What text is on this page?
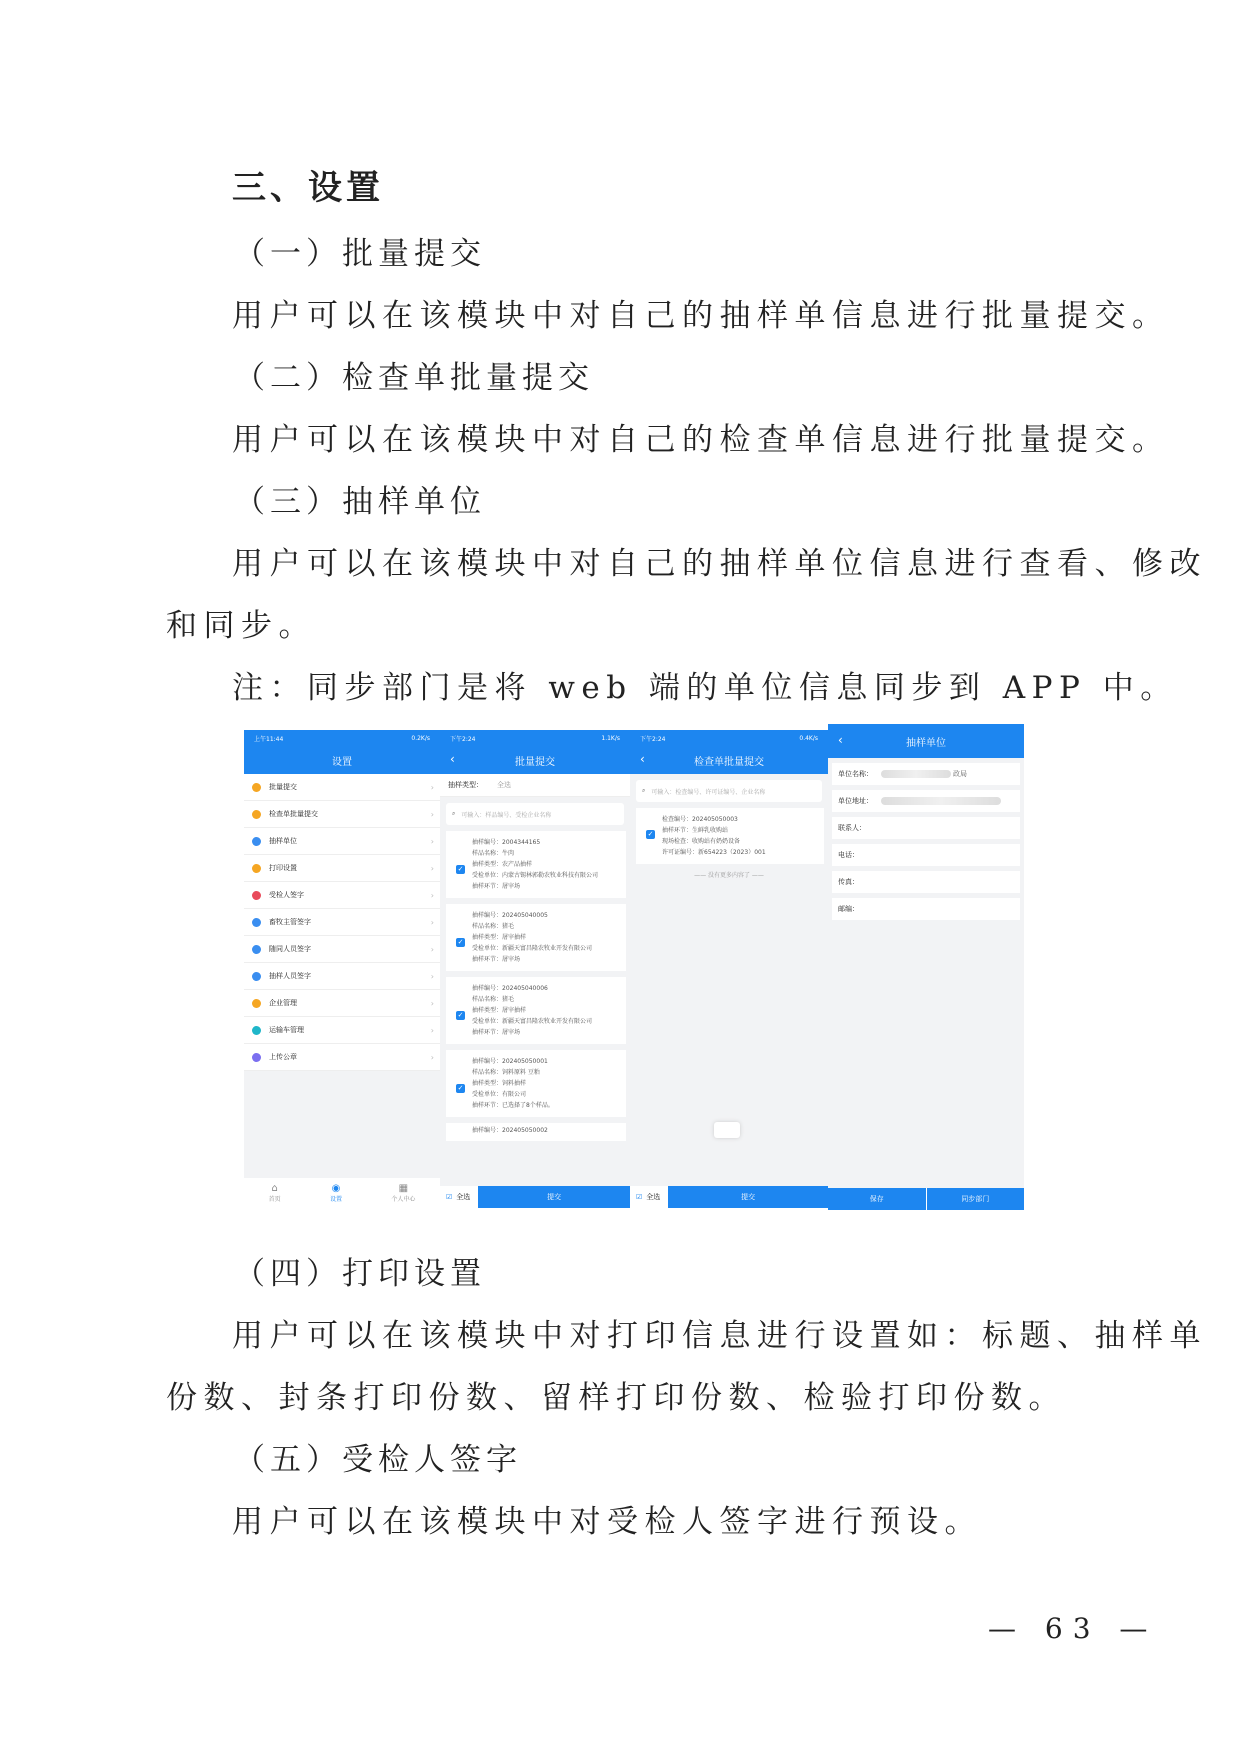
三、设置
（一）批量提交
用户可以在该模块中对自己的抽样单信息进行批量提交。
（二）检查单批量提交
用户可以在该模块中对自己的检查单信息进行批量提交。
（三）抽样单位
用户可以在该模块中对自己的抽样单位信息进行查看、修改
和同步。
注：同步部门是将 web 端的单位信息同步到 APP 中。
上午11:44	0.2K/s
设置
批量提交	›
检查单批量提交	›
抽样单位	›
打印设置	›
受检人签字	›
畜牧主管签字	›
随同人员签字	›
抽样人员签字	›
企业管理	›
运输车管理	›
上传公章	›
⌂
首页
◉
设置
▦
个人中心
下午2:24	1.1K/s
‹	批量提交
抽样类型： 全选
⌕ 可输入：样品编号、受检企业名称
✓
抽样编号：2004344165
样品名称：牛肉
抽样类型：农产品抽样
受检单位：内蒙古锡林郭勒农牧业科技有限公司
抽样环节：屠宰场
✓
抽样编号：202405040005
样品名称：猪毛
抽样类型：屠宰抽样
受检单位：新疆天富昌隆农牧业开发有限公司
抽样环节：屠宰场
✓
抽样编号：202405040006
样品名称：猪毛
抽样类型：屠宰抽样
受检单位：新疆天富昌隆农牧业开发有限公司
抽样环节：屠宰场
✓
抽样编号：202405050001
样品名称：饲料原料 豆粕
抽样类型：饲料抽样
受检单位：有限公司
抽样环节：已选择了8个样品。
抽样编号：202405050002
☑ 全选	提交
下午2:24	0.4K/s
‹	检查单批量提交
⌕ 可输入：检查编号、许可证编号、企业名称
✓
检查编号：202405050003
抽样环节：生鲜乳收购站
现场检查：收购站有奶奶设备
许可证编号：新654223（2023）001
—— 没有更多内容了 ——
☑ 全选	提交
‹	抽样单位
单位名称：	政局
单位地址：
联系人：
电话：
传真：
邮编：
保存	同步部门
（四）打印设置
用户可以在该模块中对打印信息进行设置如：标题、抽样单
份数、封条打印份数、留样打印份数、检验打印份数。
（五）受检人签字
用户可以在该模块中对受检人签字进行预设。
— 63 —
